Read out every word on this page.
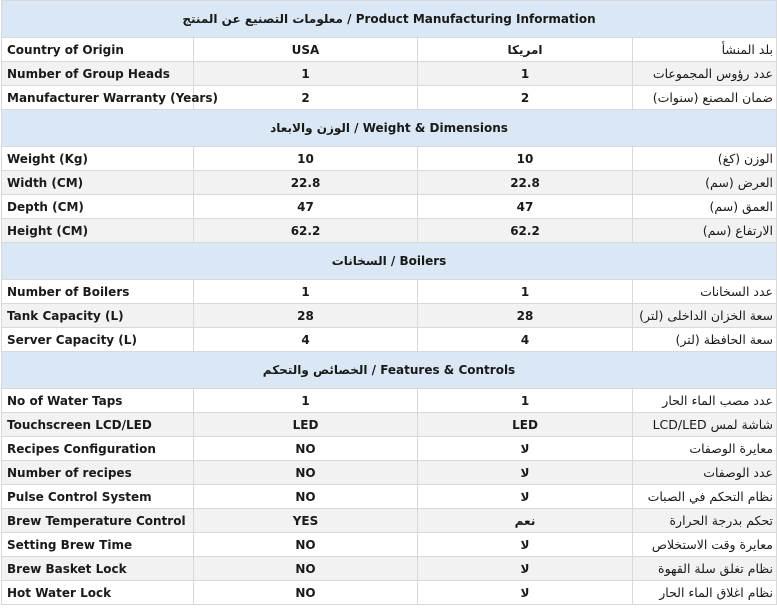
معلومات التصنيع عن المنتج / Product Manufacturing Information			
Country of Origin	USA	امريكا	بلد المنشأ
Number of Group Heads	1	1	عدد رؤوس المجموعات
Manufacturer Warranty (Years)	2	2	ضمان المصنع (سنوات)
الوزن والابعاد / Weight & Dimensions			
Weight (Kg)	10	10	الوزن (كغ)
Width (CM)	22.8	22.8	العرض (سم)
Depth (CM)	47	47	العمق (سم)
Height (CM)	62.2	62.2	الارتفاع (سم)
السخانات / Boilers			
Number of Boilers	1	1	عدد السخانات
Tank Capacity (L)	28	28	سعة الخزان الداخلى (لتر)
Server Capacity (L)	4	4	سعة الحافظة (لتر)
الخصائص والتحكم / Features & Controls			
No of Water Taps	1	1	عدد مصب الماء الحار
Touchscreen LCD/LED	LED	LED	شاشة لمس LCD/LED
Recipes Configuration	NO	لا	معايرة الوصفات
Number of recipes	NO	لا	عدد الوصفات
Pulse Control System	NO	لا	نظام التحكم في الصبات
Brew Temperature Control	YES	نعم	تحكم بدرجة الحرارة
Setting Brew Time	NO	لا	معايرة وقت الاستخلاص
Brew Basket Lock	NO	لا	نظام تغلق سلة القهوة
Hot Water Lock	NO	لا	نظام اغلاق الماء الحار
